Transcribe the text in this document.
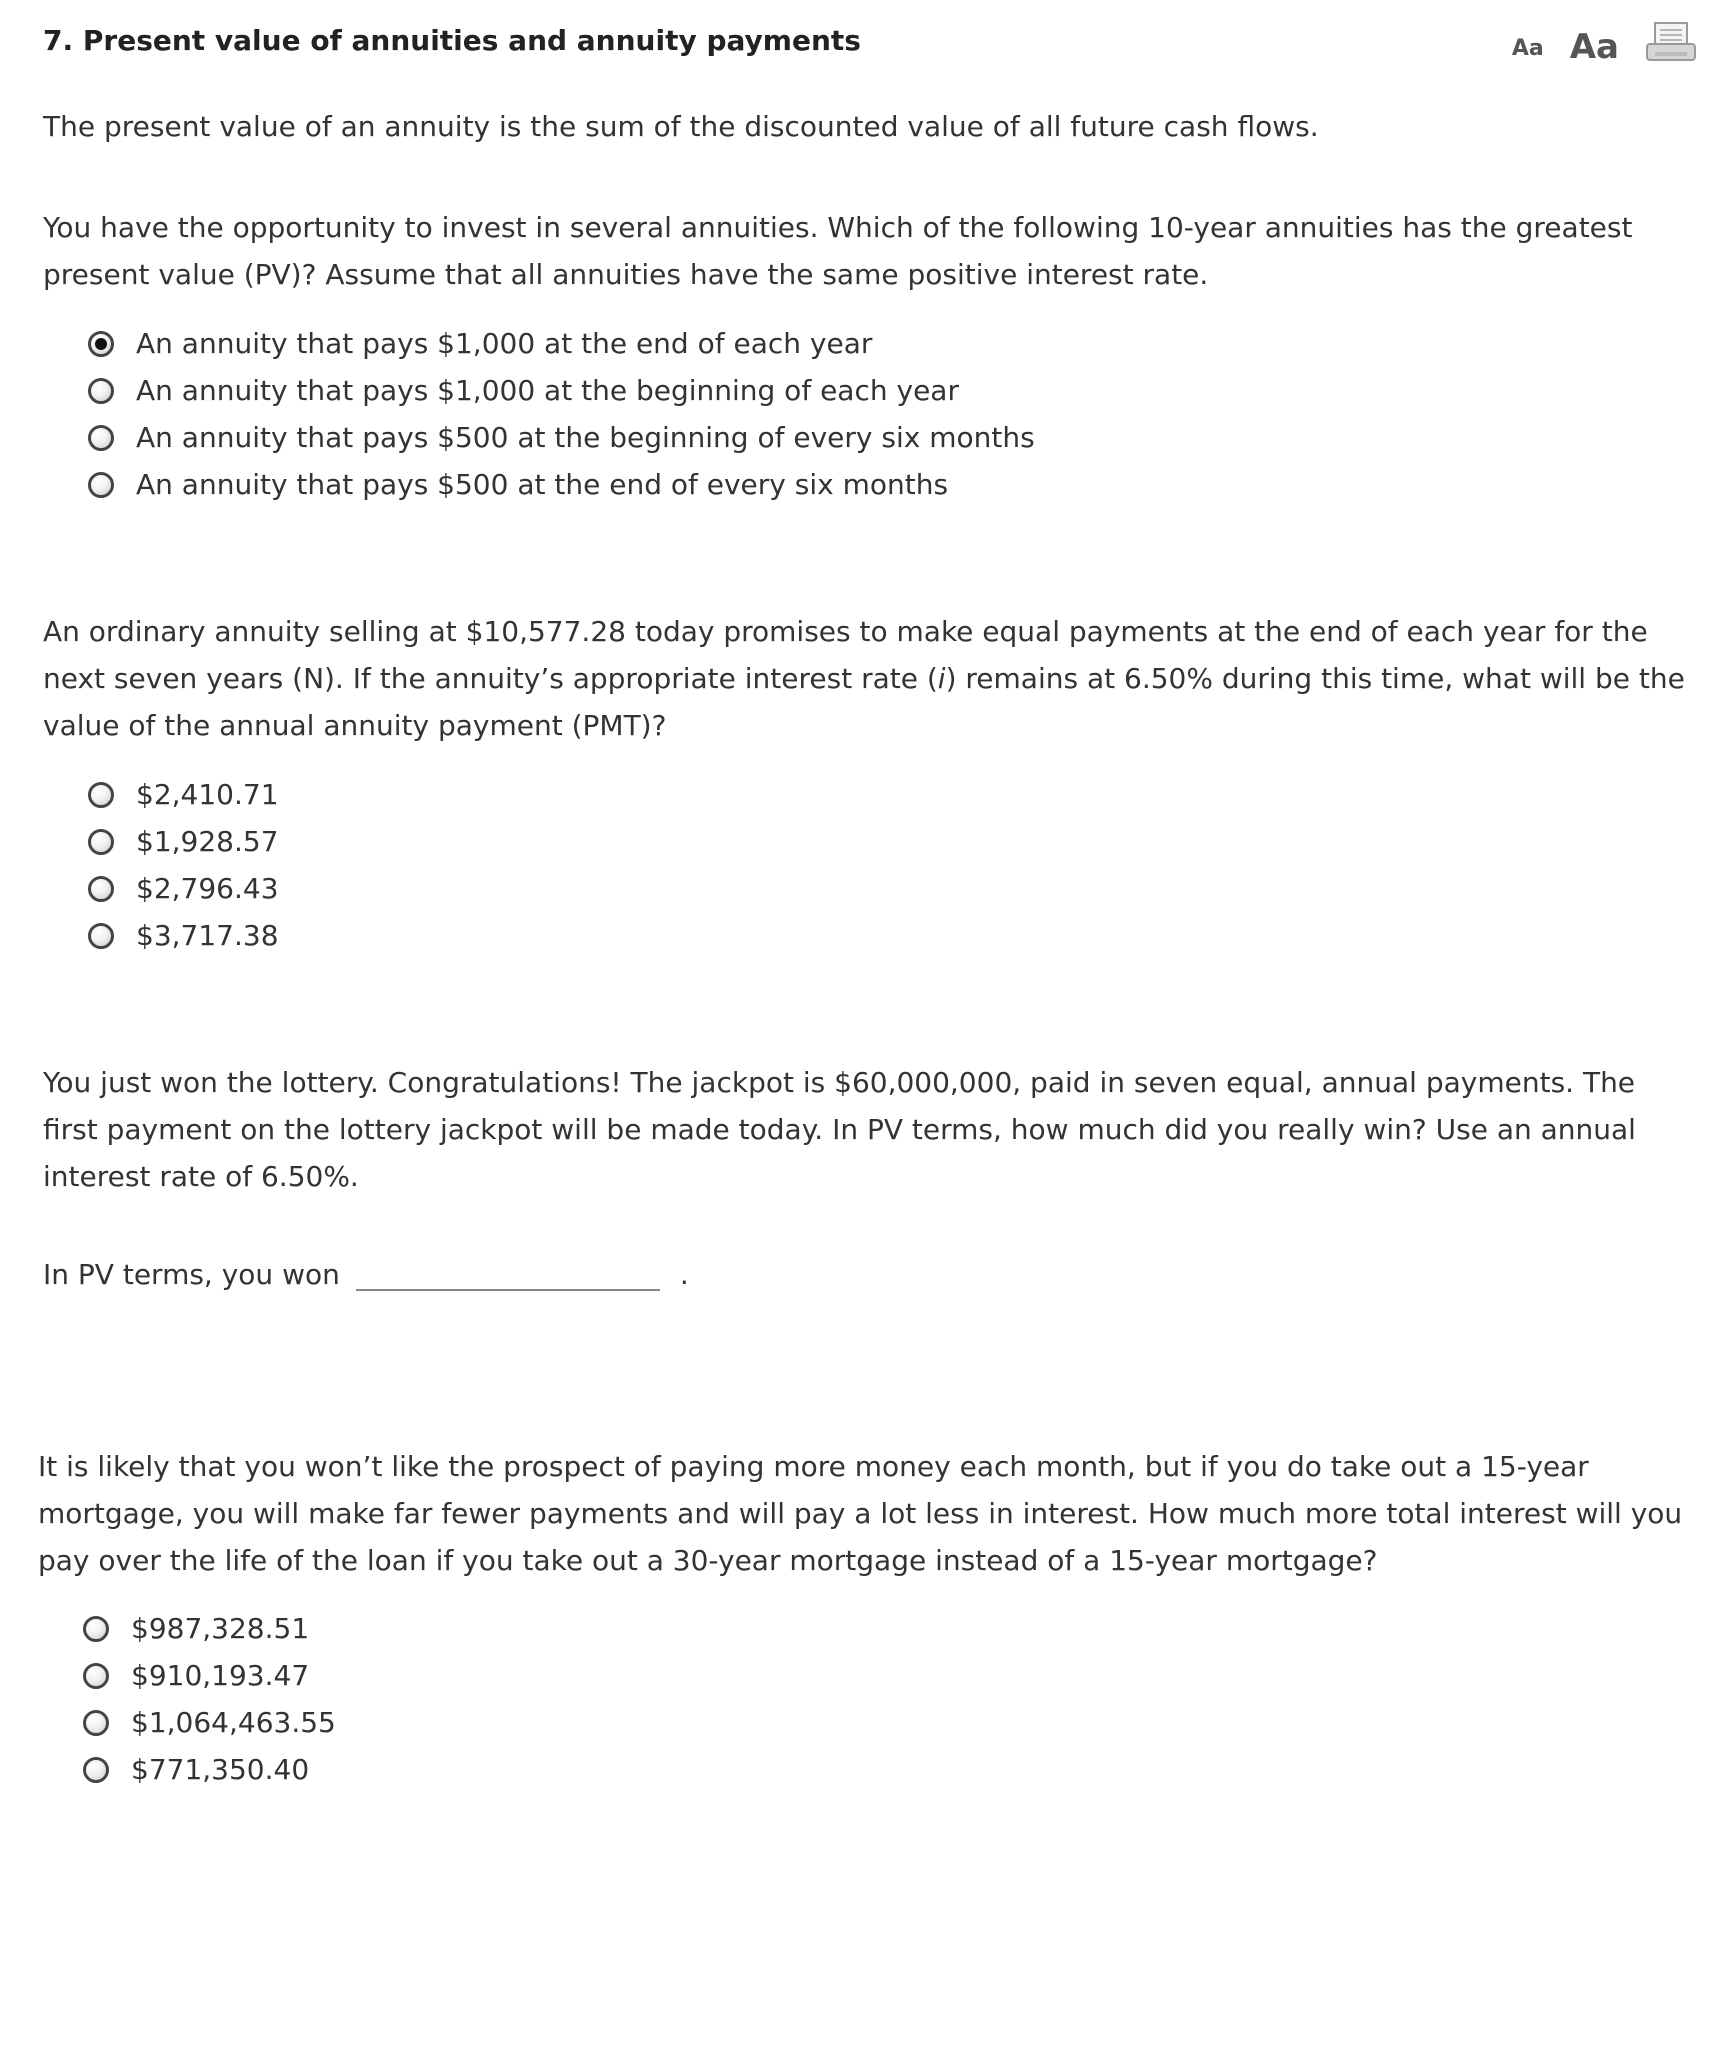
7. Present value of annuities and annuity payments	Aa Aa
The present value of an annuity is the sum of the discounted value of all future cash flows.
You have the opportunity to invest in several annuities. Which of the following 10-year annuities has the greatest present value (PV)? Assume that all annuities have the same positive interest rate.
An annuity that pays $1,000 at the end of each year
An annuity that pays $1,000 at the beginning of each year
An annuity that pays $500 at the beginning of every six months
An annuity that pays $500 at the end of every six months
An ordinary annuity selling at $10,577.28 today promises to make equal payments at the end of each year for the next seven years (N). If the annuity’s appropriate interest rate (i) remains at 6.50% during this time, what will be the value of the annual annuity payment (PMT)?
$2,410.71
$1,928.57
$2,796.43
$3,717.38
You just won the lottery. Congratulations! The jackpot is $60,000,000, paid in seven equal, annual payments. The first payment on the lottery jackpot will be made today. In PV terms, how much did you really win? Use an annual interest rate of 6.50%.
In PV terms, you won	.
It is likely that you won’t like the prospect of paying more money each month, but if you do take out a 15-year mortgage, you will make far fewer payments and will pay a lot less in interest. How much more total interest will you pay over the life of the loan if you take out a 30-year mortgage instead of a 15-year mortgage?
$987,328.51
$910,193.47
$1,064,463.55
$771,350.40
